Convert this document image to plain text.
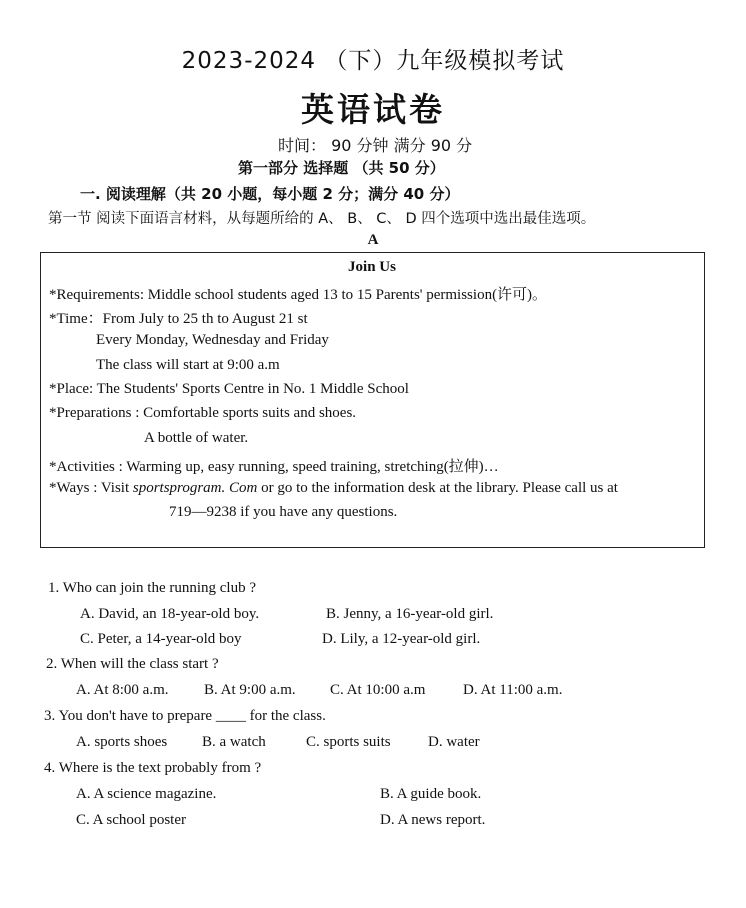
2023-2024 （下）九年级模拟考试
英语试卷
时间： 90 分钟 满分 90 分
第一部分 选择题 （共 50 分）
一. 阅读理解（共 20 小题，每小题 2 分；满分 40 分）
第一节 阅读下面语言材料，从每题所给的 A、 B、 C、 D 四个选项中选出最佳选项。
A
Join Us
*Requirements: Middle school students aged 13 to 15 Parents' permission(许可)。
*Time：From July to 25 th to August 21 st
Every Monday, Wednesday and Friday
The class will start at 9:00 a.m
*Place: The Students' Sports Centre in No. 1 Middle School
*Preparations : Comfortable sports suits and shoes.
A bottle of water.
*Activities : Warming up, easy running, speed training, stretching(拉伸)…
*Ways : Visit sportsprogram. Com or go to the information desk at the library. Please call us at
719—9238 if you have any questions.
1. Who can join the running club ?
A. David, an 18-year-old boy.	B. Jenny, a 16-year-old girl.
C. Peter, a 14-year-old boy	D. Lily, a 12-year-old girl.
2. When will the class start ?
A. At 8:00 a.m. B. At 9:00 a.m. C. At 10:00 a.m	D. At 11:00 a.m.
3. You don't have to prepare ____ for the class.
A. sports shoes B. a watch	C. sports suits D. water
4. Where is the text probably from ?
A. A science magazine.	B. A guide book.
C. A school poster	D. A news report.
